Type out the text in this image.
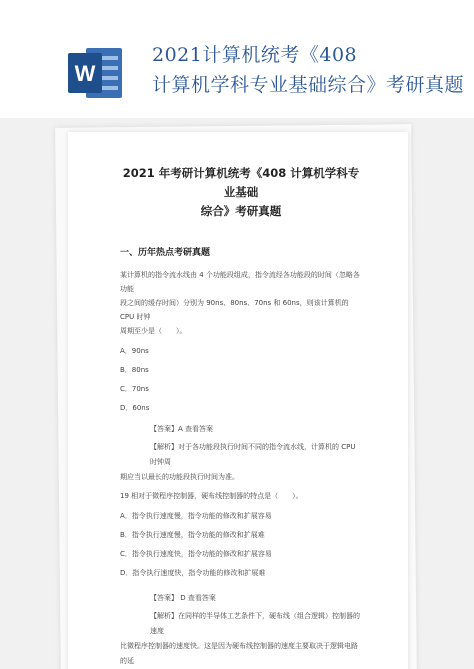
W
2021计算机统考《408
计算机学科专业基础综合》考研真题
2021 年考研计算机统考《408 计算机学科专业基础
综合》考研真题
一、历年热点考研真题
某计算机的指令流水线由 4 个功能段组成，指令流经各功能段的时间（忽略各功能
段之间的缓存时间）分别为 90ns、80ns、70ns 和 60ns，则该计算机的 CPU 时钟
周期至少是（　　）。
A．90ns
B．80ns
C．70ns
D．60ns
【答案】A 查看答案
【解析】对于各功能段执行时间不同的指令流水线，计算机的 CPU 时钟周
期应当以最长的功能段执行时间为准。
19 相对于微程序控制器，硬布线控制器的特点是（　　）。
A．指令执行速度慢，指令功能的修改和扩展容易
B．指令执行速度慢，指令功能的修改和扩展难
C．指令执行速度快，指令功能的修改和扩展容易
D．指令执行速度快，指令功能的修改和扩展难
【答案】 D 查看答案
【解析】在同样的半导体工艺条件下，硬布线（组合逻辑）控制器的速度
比微程序控制器的速度快。这是因为硬布线控制器的速度主要取决于逻辑电路的延
